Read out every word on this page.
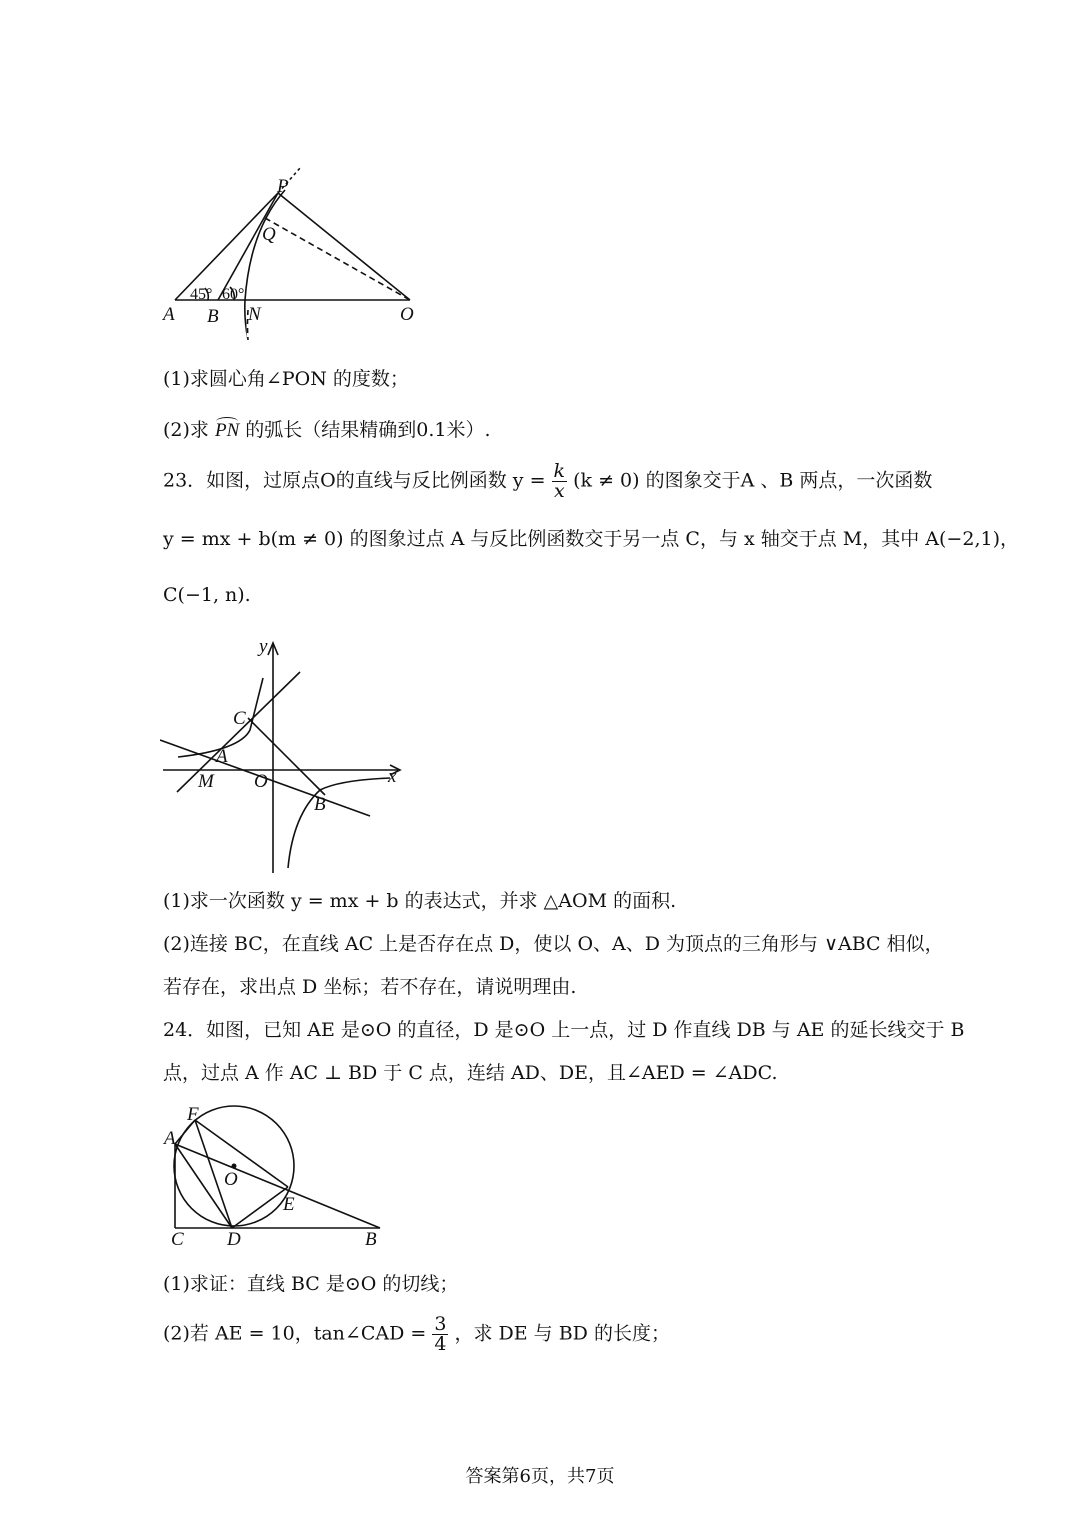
P
Q
A B N	O
45° 60°
(1)求圆心角∠PON 的度数；
(2)求 PN 的弧长（结果精确到0.1米）.
23．如图，过原点O的直线与反比例函数 $y = \frac{k}{x} (k \ne 0)$ 的图象交于A 、B 两点，一次函数
y = mx + b(m ≠ 0) 的图象过点 A 与反比例函数交于另一点 C，与 x 轴交于点 M，其中 A(−2,1)，
C(−1, n).
y
x
C
A
M O
B
(1)求一次函数 y = mx + b 的表达式，并求 △AOM 的面积.
(2)连接 BC，在直线 AC 上是否存在点 D，使以 O、A、D 为顶点的三角形与 ∨ABC 相似，
若存在，求出点 D 坐标；若不存在，请说明理由.
24．如图，已知 AE 是⊙O 的直径，D 是⊙O 上一点，过 D 作直线 DB 与 AE 的延长线交于 B
点，过点 A 作 AC ⊥ BD 于 C 点，连结 AD、DE，且∠AED = ∠ADC.
F
A
O
E
C D	B
(1)求证：直线 BC 是⊙O 的切线；
(2)若 AE = 10，tan∠CAD = $\frac{3}{4}$ ，求 DE 与 BD 的长度；
答案第6页，共7页
